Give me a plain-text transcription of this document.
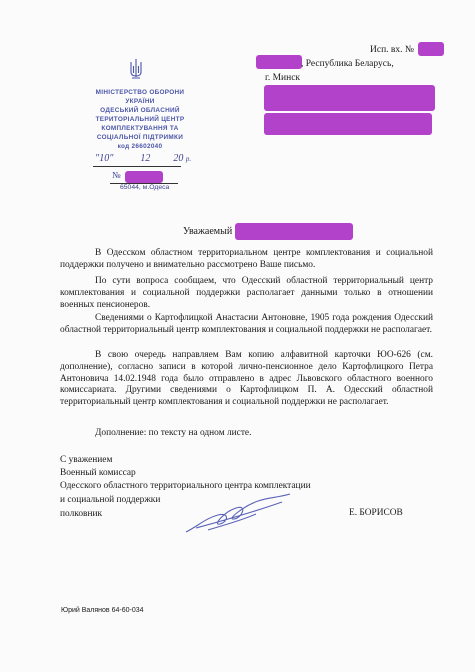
Исп. вх. №
, Республика Беларусь,
г. Минск
МІНІСТЕРСТВО ОБОРОНИ
УКРАЇНИ
ОДЕСЬКИЙ ОБЛАСНИЙ
ТЕРИТОРІАЛЬНИЙ ЦЕНТР
КОМПЛЕКТУВАННЯ ТА
СОЦІАЛЬНОЇ ПІДТРИМКИ
код 26602040
"10"	12 20 р.
№
65044, м.Одеса
Уважаемый
В Одесском областном территориальном центре комплектования и социальной поддержки получено и внимательно рассмотрено Ваше письмо.
По сути вопроса сообщаем, что Одесский областной территориальный центр комплектования и социальной поддержки располагает данными только в отношении военных пенсионеров.
Сведениями о Картофлицкой Анастасии Антоновне, 1905 года рождения Одесский областной территориальный центр комплектования и социальной поддержки не располагает.
В свою очередь направляем Вам копию алфавитной карточки ЮО-626 (см. дополнение), согласно записи в которой лично-пенсионное дело Картофлицкого Петра Антоновича 14.02.1948 года было отправлено в адрес Львовского областного военного комиссариата. Другими сведениями о Картофлицком П. А. Одесский областной территориальный центр комплектования и социальной поддержки не располагает.
Дополнение: по тексту на одном листе.
С уважением
Военный комиссар
Одесского областного территориального центра комплектации
и социальной поддержки
полковник	Е. БОРИСОВ
Юрий Валянов 64-60-034
